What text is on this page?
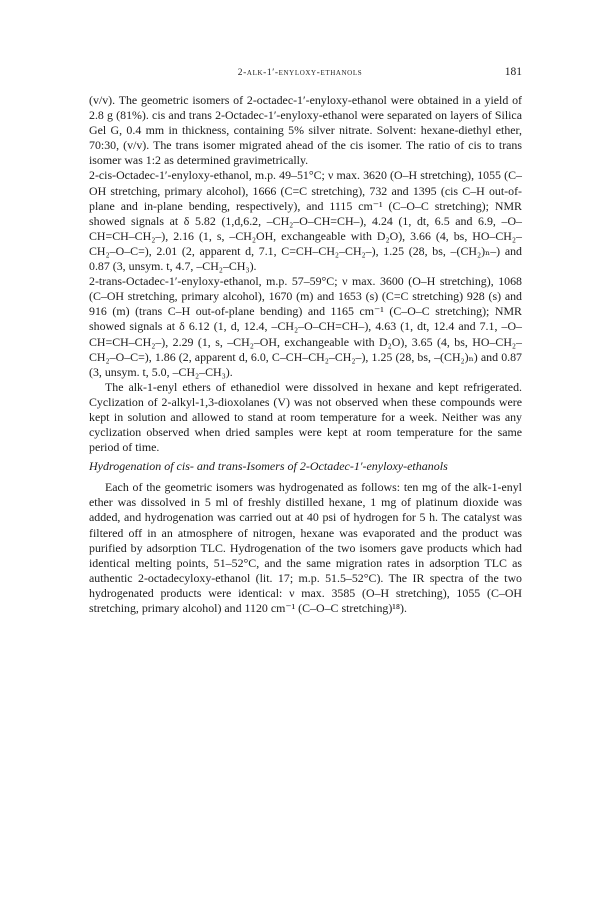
2-alk-1′-enyloxy-ethanols	181

(v/v). The geometric isomers of 2-octadec-1′-enyloxy-ethanol were obtained in a yield of 2.8 g (81%). cis and trans 2-Octadec-1′-enyloxy-ethanol were separated on layers of Silica Gel G, 0.4 mm in thickness, containing 5% silver nitrate. Solvent: hexane-diethyl ether, 70:30, (v/v). The trans isomer migrated ahead of the cis isomer. The ratio of cis to trans isomer was 1:2 as determined gravimetrically.

2-cis-Octadec-1′-enyloxy-ethanol, m.p. 49–51°C; ν max. 3620 (O–H stretching), 1055 (C–OH stretching, primary alcohol), 1666 (C=C stretching), 732 and 1395 (cis C–H out-of-plane and in-plane bending, respectively), and 1115 cm⁻¹ (C–O–C stretching); NMR showed signals at δ 5.82 (1,d,6.2, –CH₂–O–CH=CH–), 4.24 (1, dt, 6.5 and 6.9, –O–CH=CH–CH₂–), 2.16 (1, s, –CH₂OH, exchangeable with D₂O), 3.66 (4, bs, HO–CH₂–CH₂–O–C=), 2.01 (2, apparent d, 7.1, C=CH–CH₂–CH₂–), 1.25 (28, bs, –(CH₂)ₙ–) and 0.87 (3, unsym. t, 4.7, –CH₂–CH₃).

2-trans-Octadec-1′-enyloxy-ethanol, m.p. 57–59°C; ν max. 3600 (O–H stretching), 1068 (C–OH stretching, primary alcohol), 1670 (m) and 1653 (s) (C=C stretching) 928 (s) and 916 (m) (trans C–H out-of-plane bending) and 1165 cm⁻¹ (C–O–C stretching); NMR showed signals at δ 6.12 (1, d, 12.4, –CH₂–O–CH=CH–), 4.63 (1, dt, 12.4 and 7.1, –O–CH=CH–CH₂–), 2.29 (1, s, –CH₂–OH, exchangeable with D₂O), 3.65 (4, bs, HO–CH₂–CH₂–O–C=), 1.86 (2, apparent d, 6.0, C–CH–CH₂–CH₂–), 1.25 (28, bs, –(CH₂)ₙ) and 0.87 (3, unsym. t, 5.0, –CH₂–CH₃).

The alk-1-enyl ethers of ethanediol were dissolved in hexane and kept refrigerated. Cyclization of 2-alkyl-1,3-dioxolanes (V) was not observed when these compounds were kept in solution and allowed to stand at room temperature for a week. Neither was any cyclization observed when dried samples were kept at room temperature for the same period of time.

Hydrogenation of cis- and trans-Isomers of 2-Octadec-1′-enyloxy-ethanols

Each of the geometric isomers was hydrogenated as follows: ten mg of the alk-1-enyl ether was dissolved in 5 ml of freshly distilled hexane, 1 mg of platinum dioxide was added, and hydrogenation was carried out at 40 psi of hydrogen for 5 h. The catalyst was filtered off in an atmosphere of nitrogen, hexane was evaporated and the product was purified by adsorption TLC. Hydrogenation of the two isomers gave products which had identical melting points, 51–52°C, and the same migration rates in adsorption TLC as authentic 2-octadecyloxy-ethanol (lit. 17; m.p. 51.5–52°C). The IR spectra of the two hydrogenated products were identical: ν max. 3585 (O–H stretching), 1055 (C–OH stretching, primary alcohol) and 1120 cm⁻¹ (C–O–C stretching)¹⁸).
